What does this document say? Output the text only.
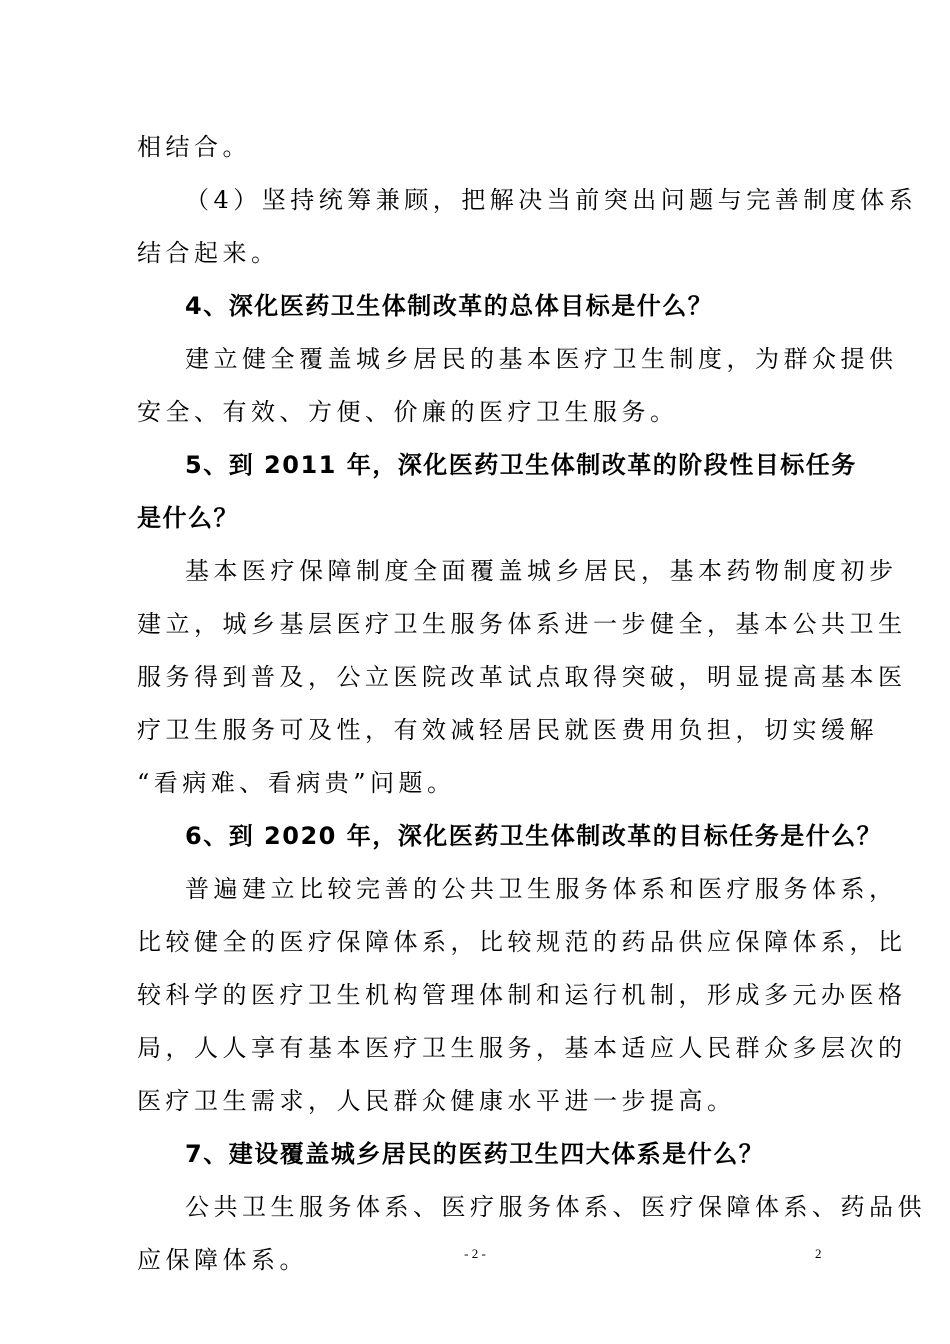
相结合。
（4）坚持统筹兼顾，把解决当前突出问题与完善制度体系
结合起来。
4、深化医药卫生体制改革的总体目标是什么？
建立健全覆盖城乡居民的基本医疗卫生制度，为群众提供
安全、有效、方便、价廉的医疗卫生服务。
5、到 2011 年，深化医药卫生体制改革的阶段性目标任务
是什么？
基本医疗保障制度全面覆盖城乡居民，基本药物制度初步
建立，城乡基层医疗卫生服务体系进一步健全，基本公共卫生
服务得到普及，公立医院改革试点取得突破，明显提高基本医
疗卫生服务可及性，有效减轻居民就医费用负担，切实缓解
“看病难、看病贵”问题。
6、到 2020 年，深化医药卫生体制改革的目标任务是什么？
普遍建立比较完善的公共卫生服务体系和医疗服务体系，
比较健全的医疗保障体系，比较规范的药品供应保障体系，比
较科学的医疗卫生机构管理体制和运行机制，形成多元办医格
局，人人享有基本医疗卫生服务，基本适应人民群众多层次的
医疗卫生需求，人民群众健康水平进一步提高。
7、建设覆盖城乡居民的医药卫生四大体系是什么？
公共卫生服务体系、医疗服务体系、医疗保障体系、药品供
应保障体系。	- 2 -	2
